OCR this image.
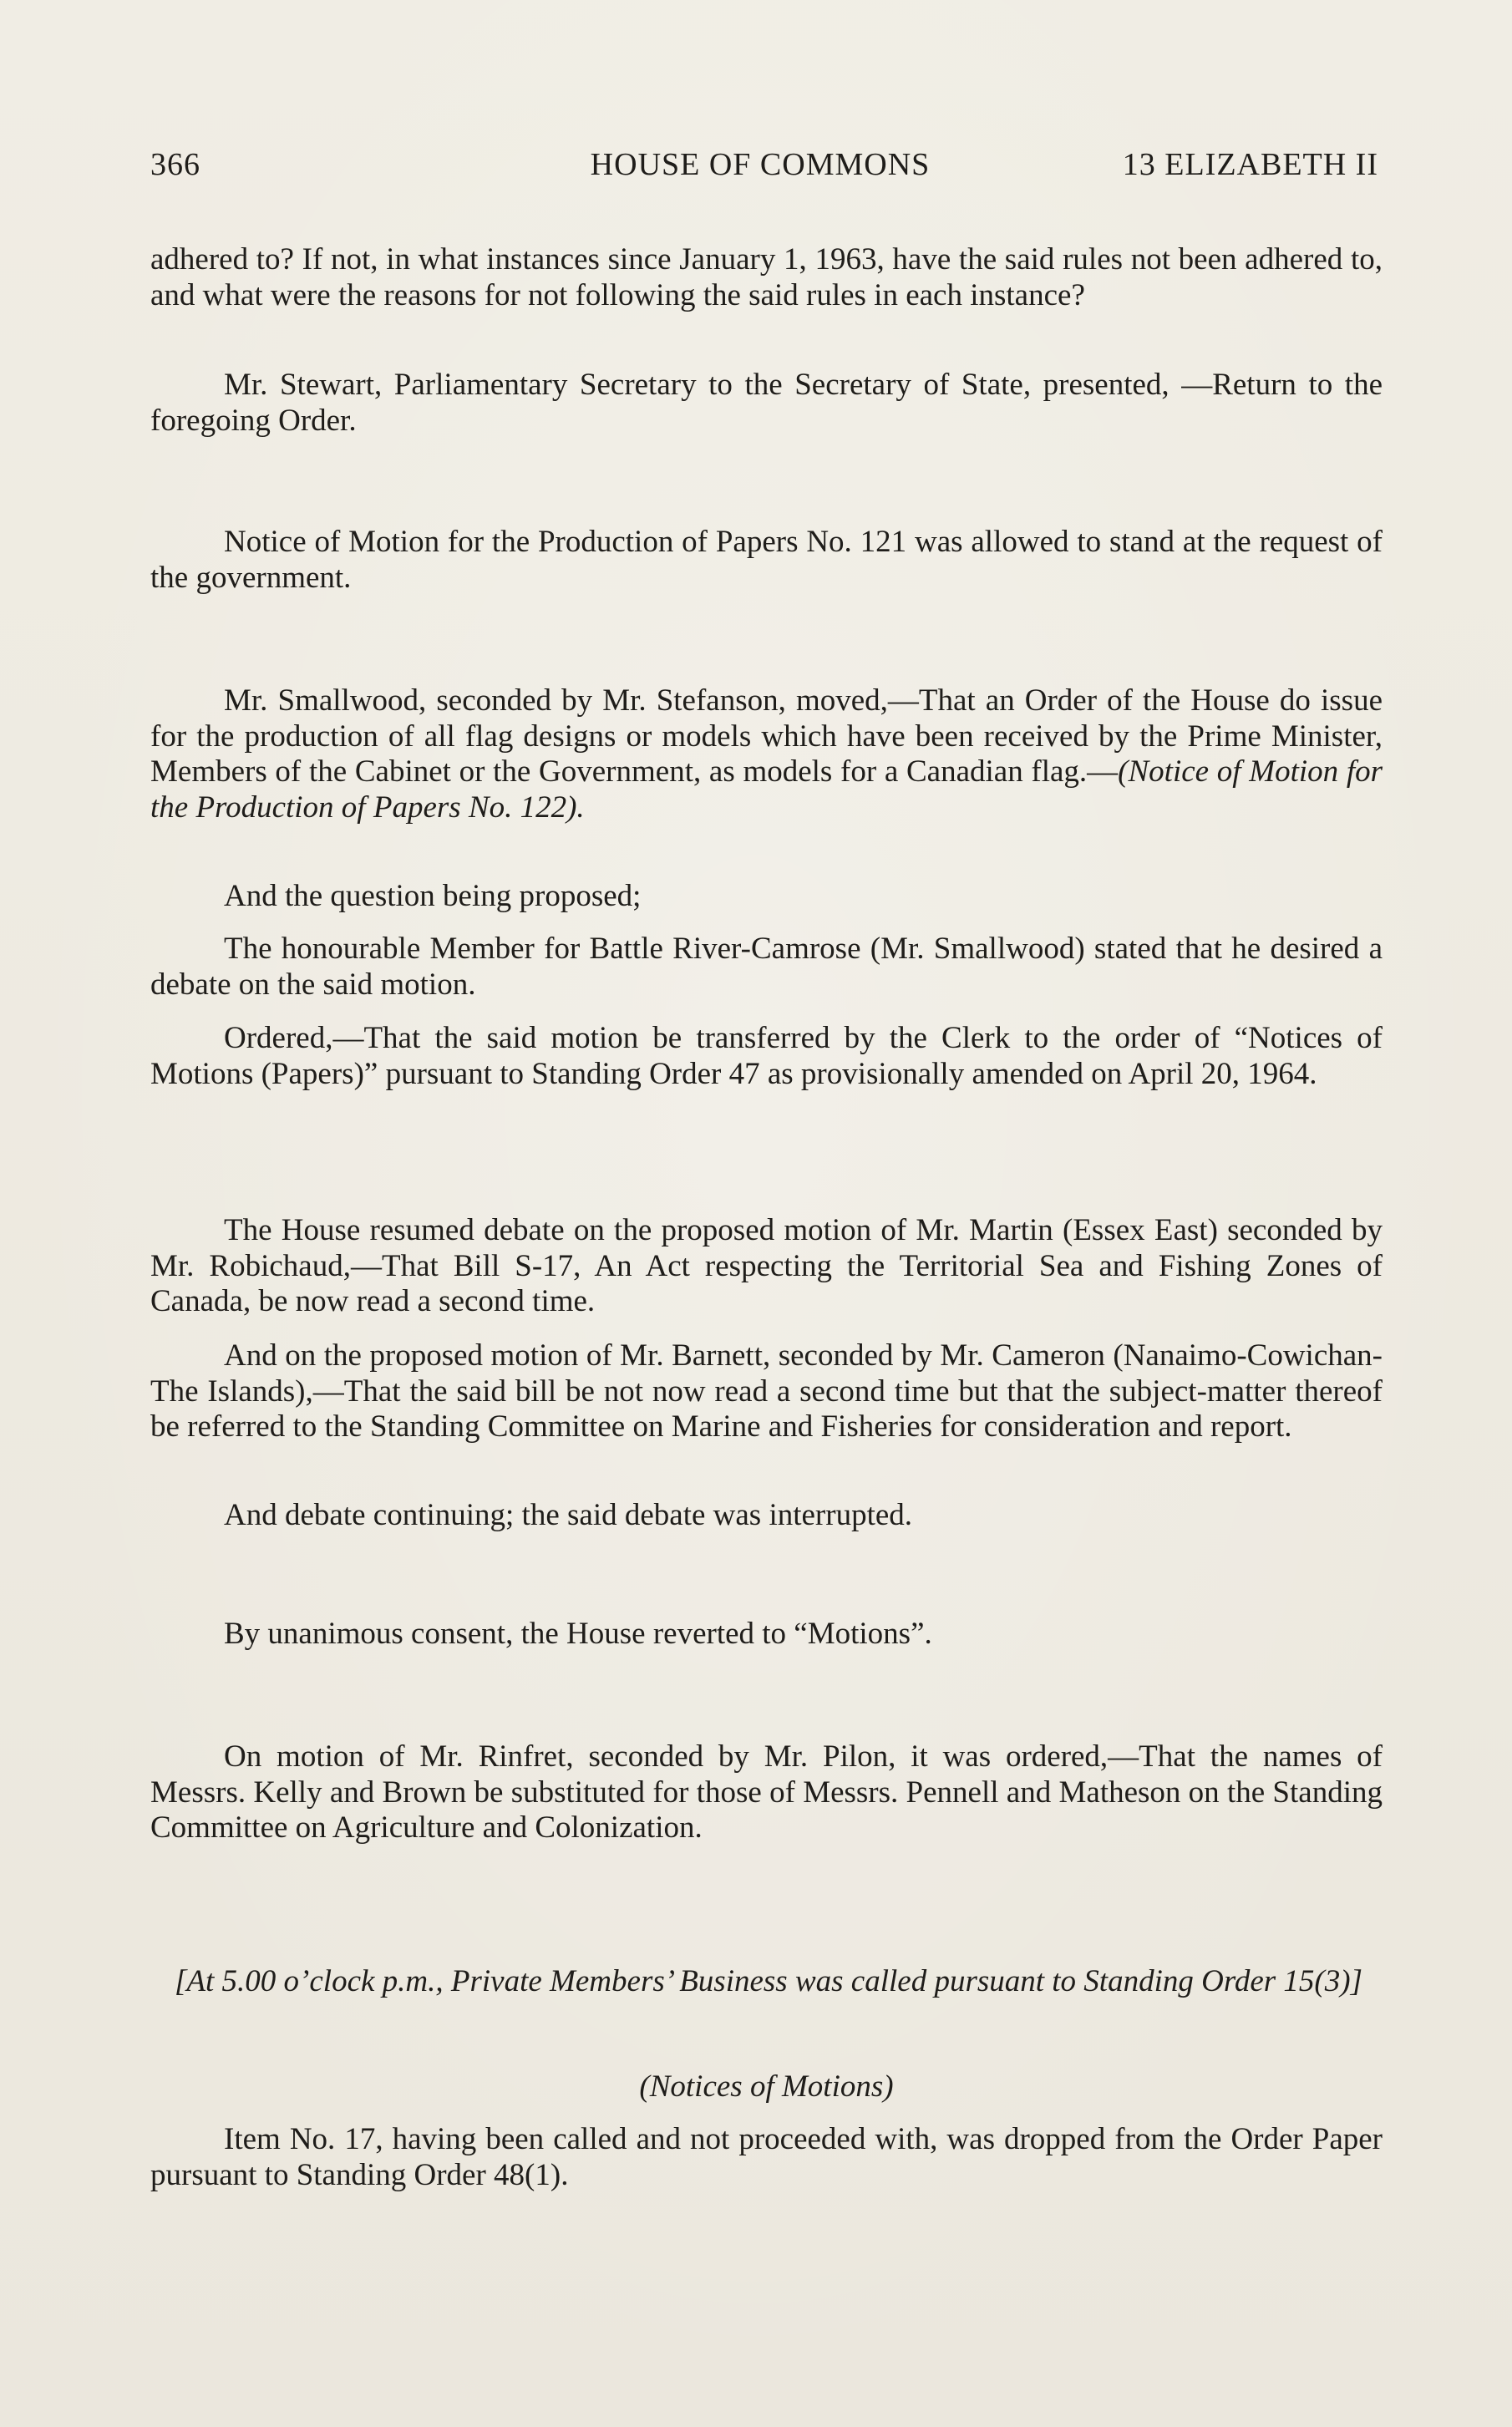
366	HOUSE OF COMMONS	13 ELIZABETH II

adhered to? If not, in what instances since January 1, 1963, have the said rules not been adhered to, and what were the reasons for not following the said rules in each instance?

Mr. Stewart, Parliamentary Secretary to the Secretary of State, presented, —Return to the foregoing Order.

Notice of Motion for the Production of Papers No. 121 was allowed to stand at the request of the government.

Mr. Smallwood, seconded by Mr. Stefanson, moved,—That an Order of the House do issue for the production of all flag designs or models which have been received by the Prime Minister, Members of the Cabinet or the Government, as models for a Canadian flag.—(Notice of Motion for the Production of Papers No. 122).

And the question being proposed;

The honourable Member for Battle River-Camrose (Mr. Smallwood) stated that he desired a debate on the said motion.

Ordered,—That the said motion be transferred by the Clerk to the order of “Notices of Motions (Papers)” pursuant to Standing Order 47 as provisionally amended on April 20, 1964.

The House resumed debate on the proposed motion of Mr. Martin (Essex East) seconded by Mr. Robichaud,—That Bill S-17, An Act respecting the Territorial Sea and Fishing Zones of Canada, be now read a second time.

And on the proposed motion of Mr. Barnett, seconded by Mr. Cameron (Nanaimo-Cowichan-The Islands),—That the said bill be not now read a second time but that the subject-matter thereof be referred to the Standing Committee on Marine and Fisheries for consideration and report.

And debate continuing; the said debate was interrupted.

By unanimous consent, the House reverted to “Motions”.

On motion of Mr. Rinfret, seconded by Mr. Pilon, it was ordered,—That the names of Messrs. Kelly and Brown be substituted for those of Messrs. Pennell and Matheson on the Standing Committee on Agriculture and Colonization.

[At 5.00 o’clock p.m., Private Members’ Business was called pursuant to Standing Order 15(3)]

(Notices of Motions)

Item No. 17, having been called and not proceeded with, was dropped from the Order Paper pursuant to Standing Order 48(1).
